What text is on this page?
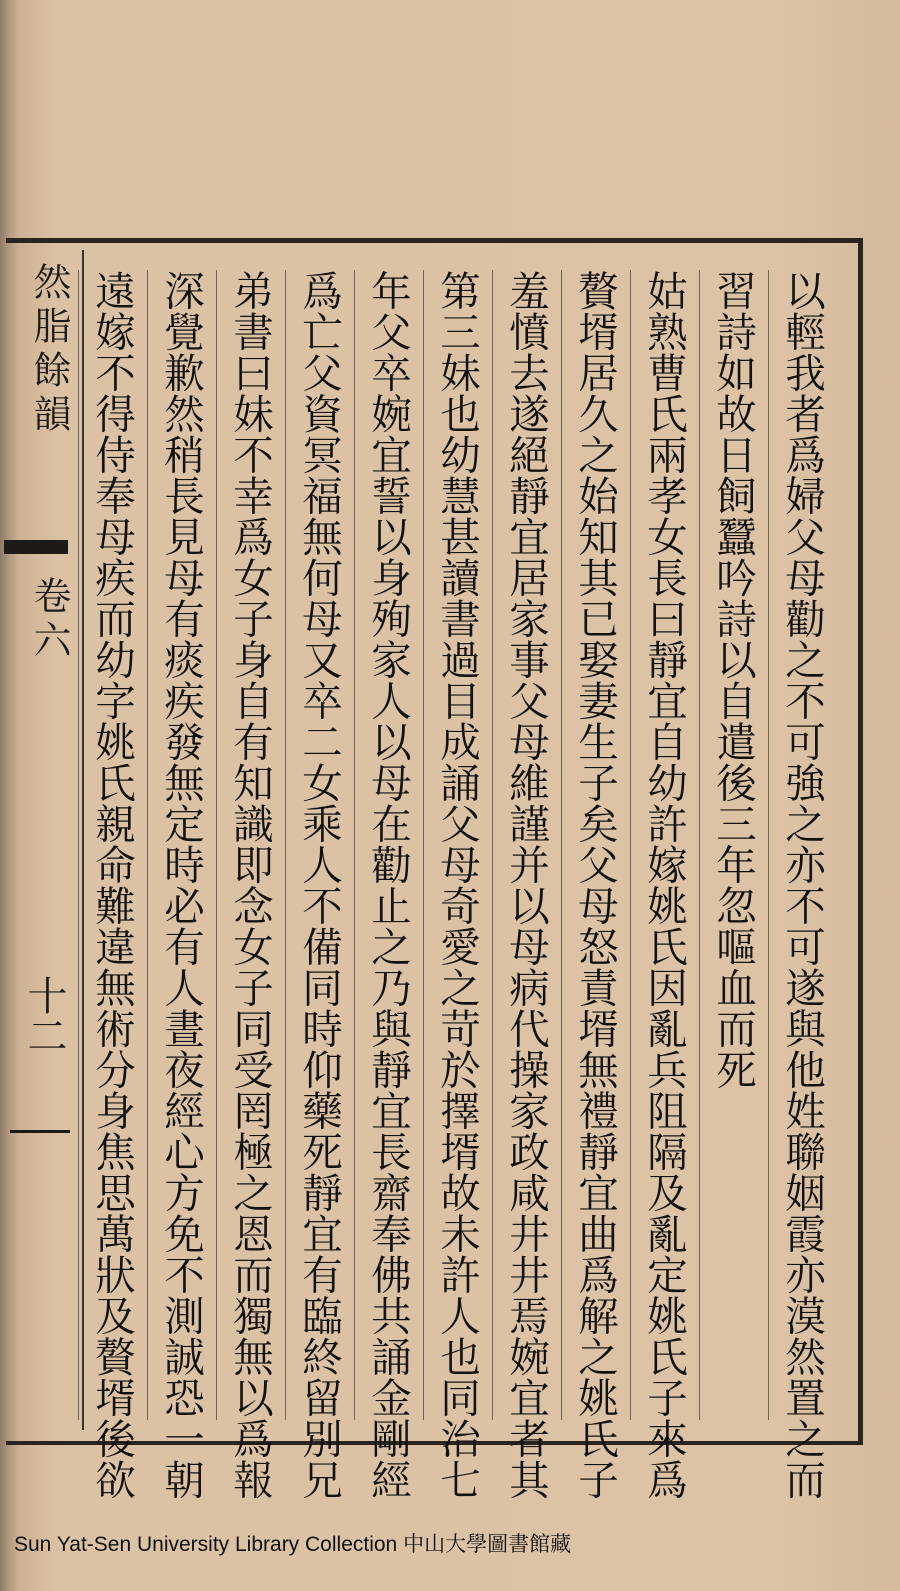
然脂餘韻
卷六
十二	以輕我者爲婦父母勸之不可強之亦不可遂與他姓聯姻霞亦漠然置之而
習詩如故日飼蠶吟詩以自遣後三年忽嘔血而死
姑熟曹氏兩孝女長曰靜宜自幼許嫁姚氏因亂兵阻隔及亂定姚氏子來爲
贅壻居久之始知其已娶妻生子矣父母怒責壻無禮靜宜曲爲解之姚氏子
羞憤去遂絕靜宜居家事父母維謹并以母病代操家政咸井井焉婉宜者其
第三妹也幼慧甚讀書過目成誦父母奇愛之苛於擇壻故未許人也同治七
年父卒婉宜誓以身殉家人以母在勸止之乃與靜宜長齋奉佛共誦金剛經
爲亡父資冥福無何母又卒二女乘人不備同時仰藥死靜宜有臨終留別兄
弟書曰妹不幸爲女子身自有知識即念女子同受罔極之恩而獨無以爲報
深覺歉然稍長見母有痰疾發無定時必有人晝夜經心方免不測誠恐一朝
遠嫁不得侍奉母疾而幼字姚氏親命難違無術分身焦思萬狀及贅壻後欲
Sun Yat-Sen University Library Collection 中山大學圖書館藏
